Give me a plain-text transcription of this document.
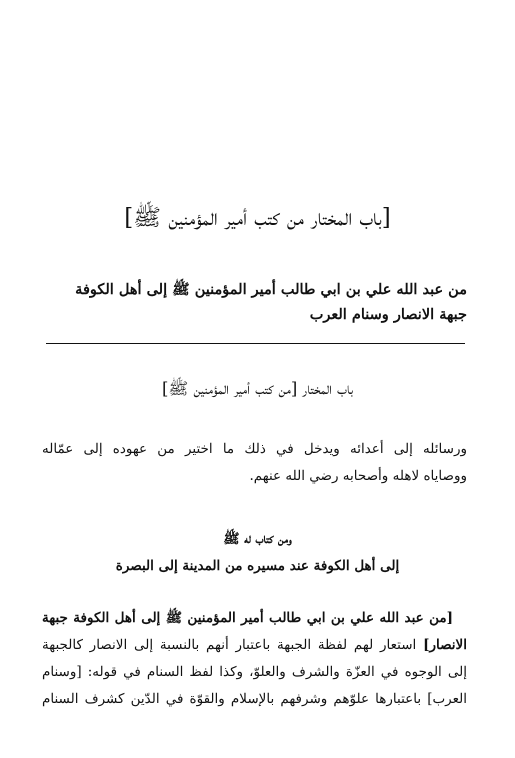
[باب المختار من كتب أمير المؤمنين ﷺ]
من عبد الله علي بن ابي طالب أمير المؤمنين ﷺ إلى أهل الكوفة
جبهة الانصار وسنام العرب
باب المختار [من كتب أمير المؤمنين ﷺ]
ورسائله إلى أعدائه ويدخل في ذلك ما اختير من عهوده إلى عمّاله
ووصاياه لاهله وأصحابه رضي الله عنهم.
ومن كتاب له ﷺ
إلى أهل الكوفة عند مسيره من المدينة إلى البصرة
[من عبد الله علي بن ابي طالب أمير المؤمنين ﷺ إلى أهل الكوفة جبهة
الانصار] استعار لهم لفظة الجبهة باعتبار أنهم بالنسبة إلى الانصار كالجبهة
إلى الوجوه في العزّة والشرف والعلوّ، وكذا لفظ السنام في قوله: [وسنام
العرب] باعتبارها علوّهم وشرفهم بالإسلام والقوّة في الدّين كشرف السنام
